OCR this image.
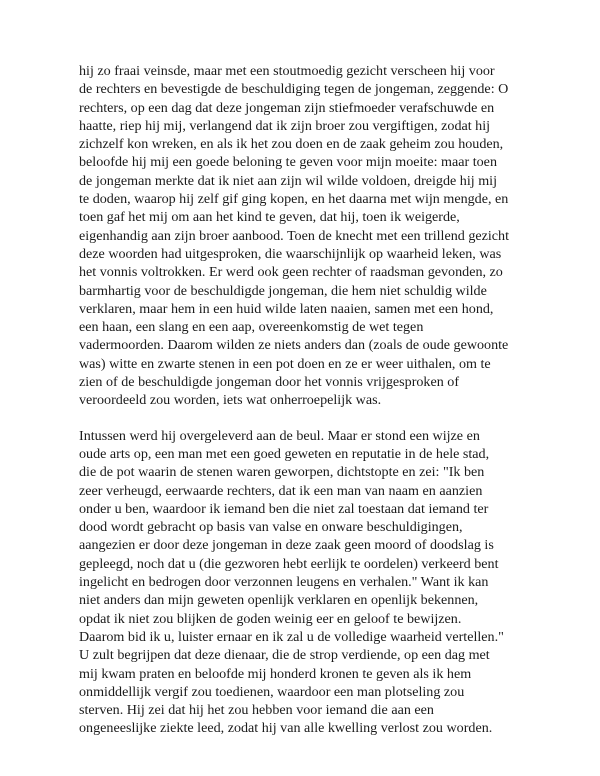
hij zo fraai veinsde, maar met een stoutmoedig gezicht verscheen hij voor
de rechters en bevestigde de beschuldiging tegen de jongeman, zeggende: O
rechters, op een dag dat deze jongeman zijn stiefmoeder verafschuwde en
haatte, riep hij mij, verlangend dat ik zijn broer zou vergiftigen, zodat hij
zichzelf kon wreken, en als ik het zou doen en de zaak geheim zou houden,
beloofde hij mij een goede beloning te geven voor mijn moeite: maar toen
de jongeman merkte dat ik niet aan zijn wil wilde voldoen, dreigde hij mij
te doden, waarop hij zelf gif ging kopen, en het daarna met wijn mengde, en
toen gaf het mij om aan het kind te geven, dat hij, toen ik weigerde,
eigenhandig aan zijn broer aanbood. Toen de knecht met een trillend gezicht
deze woorden had uitgesproken, die waarschijnlijk op waarheid leken, was
het vonnis voltrokken. Er werd ook geen rechter of raadsman gevonden, zo
barmhartig voor de beschuldigde jongeman, die hem niet schuldig wilde
verklaren, maar hem in een huid wilde laten naaien, samen met een hond,
een haan, een slang en een aap, overeenkomstig de wet tegen
vadermoorden. Daarom wilden ze niets anders dan (zoals de oude gewoonte
was) witte en zwarte stenen in een pot doen en ze er weer uithalen, om te
zien of de beschuldigde jongeman door het vonnis vrijgesproken of
veroordeeld zou worden, iets wat onherroepelijk was.
Intussen werd hij overgeleverd aan de beul. Maar er stond een wijze en
oude arts op, een man met een goed geweten en reputatie in de hele stad,
die de pot waarin de stenen waren geworpen, dichtstopte en zei: "Ik ben
zeer verheugd, eerwaarde rechters, dat ik een man van naam en aanzien
onder u ben, waardoor ik iemand ben die niet zal toestaan dat iemand ter
dood wordt gebracht op basis van valse en onware beschuldigingen,
aangezien er door deze jongeman in deze zaak geen moord of doodslag is
gepleegd, noch dat u (die gezworen hebt eerlijk te oordelen) verkeerd bent
ingelicht en bedrogen door verzonnen leugens en verhalen." Want ik kan
niet anders dan mijn geweten openlijk verklaren en openlijk bekennen,
opdat ik niet zou blijken de goden weinig eer en geloof te bewijzen.
Daarom bid ik u, luister ernaar en ik zal u de volledige waarheid vertellen."
U zult begrijpen dat deze dienaar, die de strop verdiende, op een dag met
mij kwam praten en beloofde mij honderd kronen te geven als ik hem
onmiddellijk vergif zou toedienen, waardoor een man plotseling zou
sterven. Hij zei dat hij het zou hebben voor iemand die aan een
ongeneeslijke ziekte leed, zodat hij van alle kwelling verlost zou worden.
